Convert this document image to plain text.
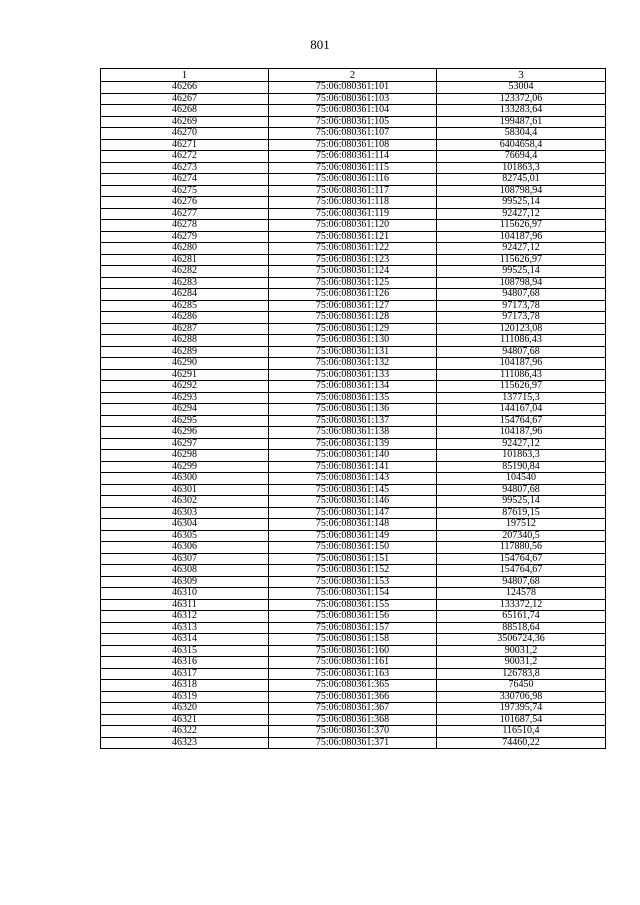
801
1	2	3
46266	75:06:080361:101	53004
46267	75:06:080361:103	123372,06
46268	75:06:080361:104	133283,64
46269	75:06:080361:105	199487,61
46270	75:06:080361:107	58304,4
46271	75:06:080361:108	6404658,4
46272	75:06:080361:114	76694,4
46273	75:06:080361:115	101863,3
46274	75:06:080361:116	82745,01
46275	75:06:080361:117	108798,94
46276	75:06:080361:118	99525,14
46277	75:06:080361:119	92427,12
46278	75:06:080361:120	115626,97
46279	75:06:080361:121	104187,96
46280	75:06:080361:122	92427,12
46281	75:06:080361:123	115626,97
46282	75:06:080361:124	99525,14
46283	75:06:080361:125	108798,94
46284	75:06:080361:126	94807,68
46285	75:06:080361:127	97173,78
46286	75:06:080361:128	97173,78
46287	75:06:080361:129	120123,08
46288	75:06:080361:130	111086,43
46289	75:06:080361:131	94807,68
46290	75:06:080361:132	104187,96
46291	75:06:080361:133	111086,43
46292	75:06:080361:134	115626,97
46293	75:06:080361:135	137715,3
46294	75:06:080361:136	144167,04
46295	75:06:080361:137	154764,67
46296	75:06:080361:138	104187,96
46297	75:06:080361:139	92427,12
46298	75:06:080361:140	101863,3
46299	75:06:080361:141	85190,84
46300	75:06:080361:143	104540
46301	75:06:080361:145	94807,68
46302	75:06:080361:146	99525,14
46303	75:06:080361:147	87619,15
46304	75:06:080361:148	197512
46305	75:06:080361:149	207340,5
46306	75:06:080361:150	117880,56
46307	75:06:080361:151	154764,67
46308	75:06:080361:152	154764,67
46309	75:06:080361:153	94807,68
46310	75:06:080361:154	124578
46311	75:06:080361:155	133372,12
46312	75:06:080361:156	65161,74
46313	75:06:080361:157	88518,64
46314	75:06:080361:158	3506724,36
46315	75:06:080361:160	90031,2
46316	75:06:080361:161	90031,2
46317	75:06:080361:163	126783,8
46318	75:06:080361:365	76450
46319	75:06:080361:366	330706,98
46320	75:06:080361:367	197395,74
46321	75:06:080361:368	101687,54
46322	75:06:080361:370	116510,4
46323	75:06:080361:371	74460,22
